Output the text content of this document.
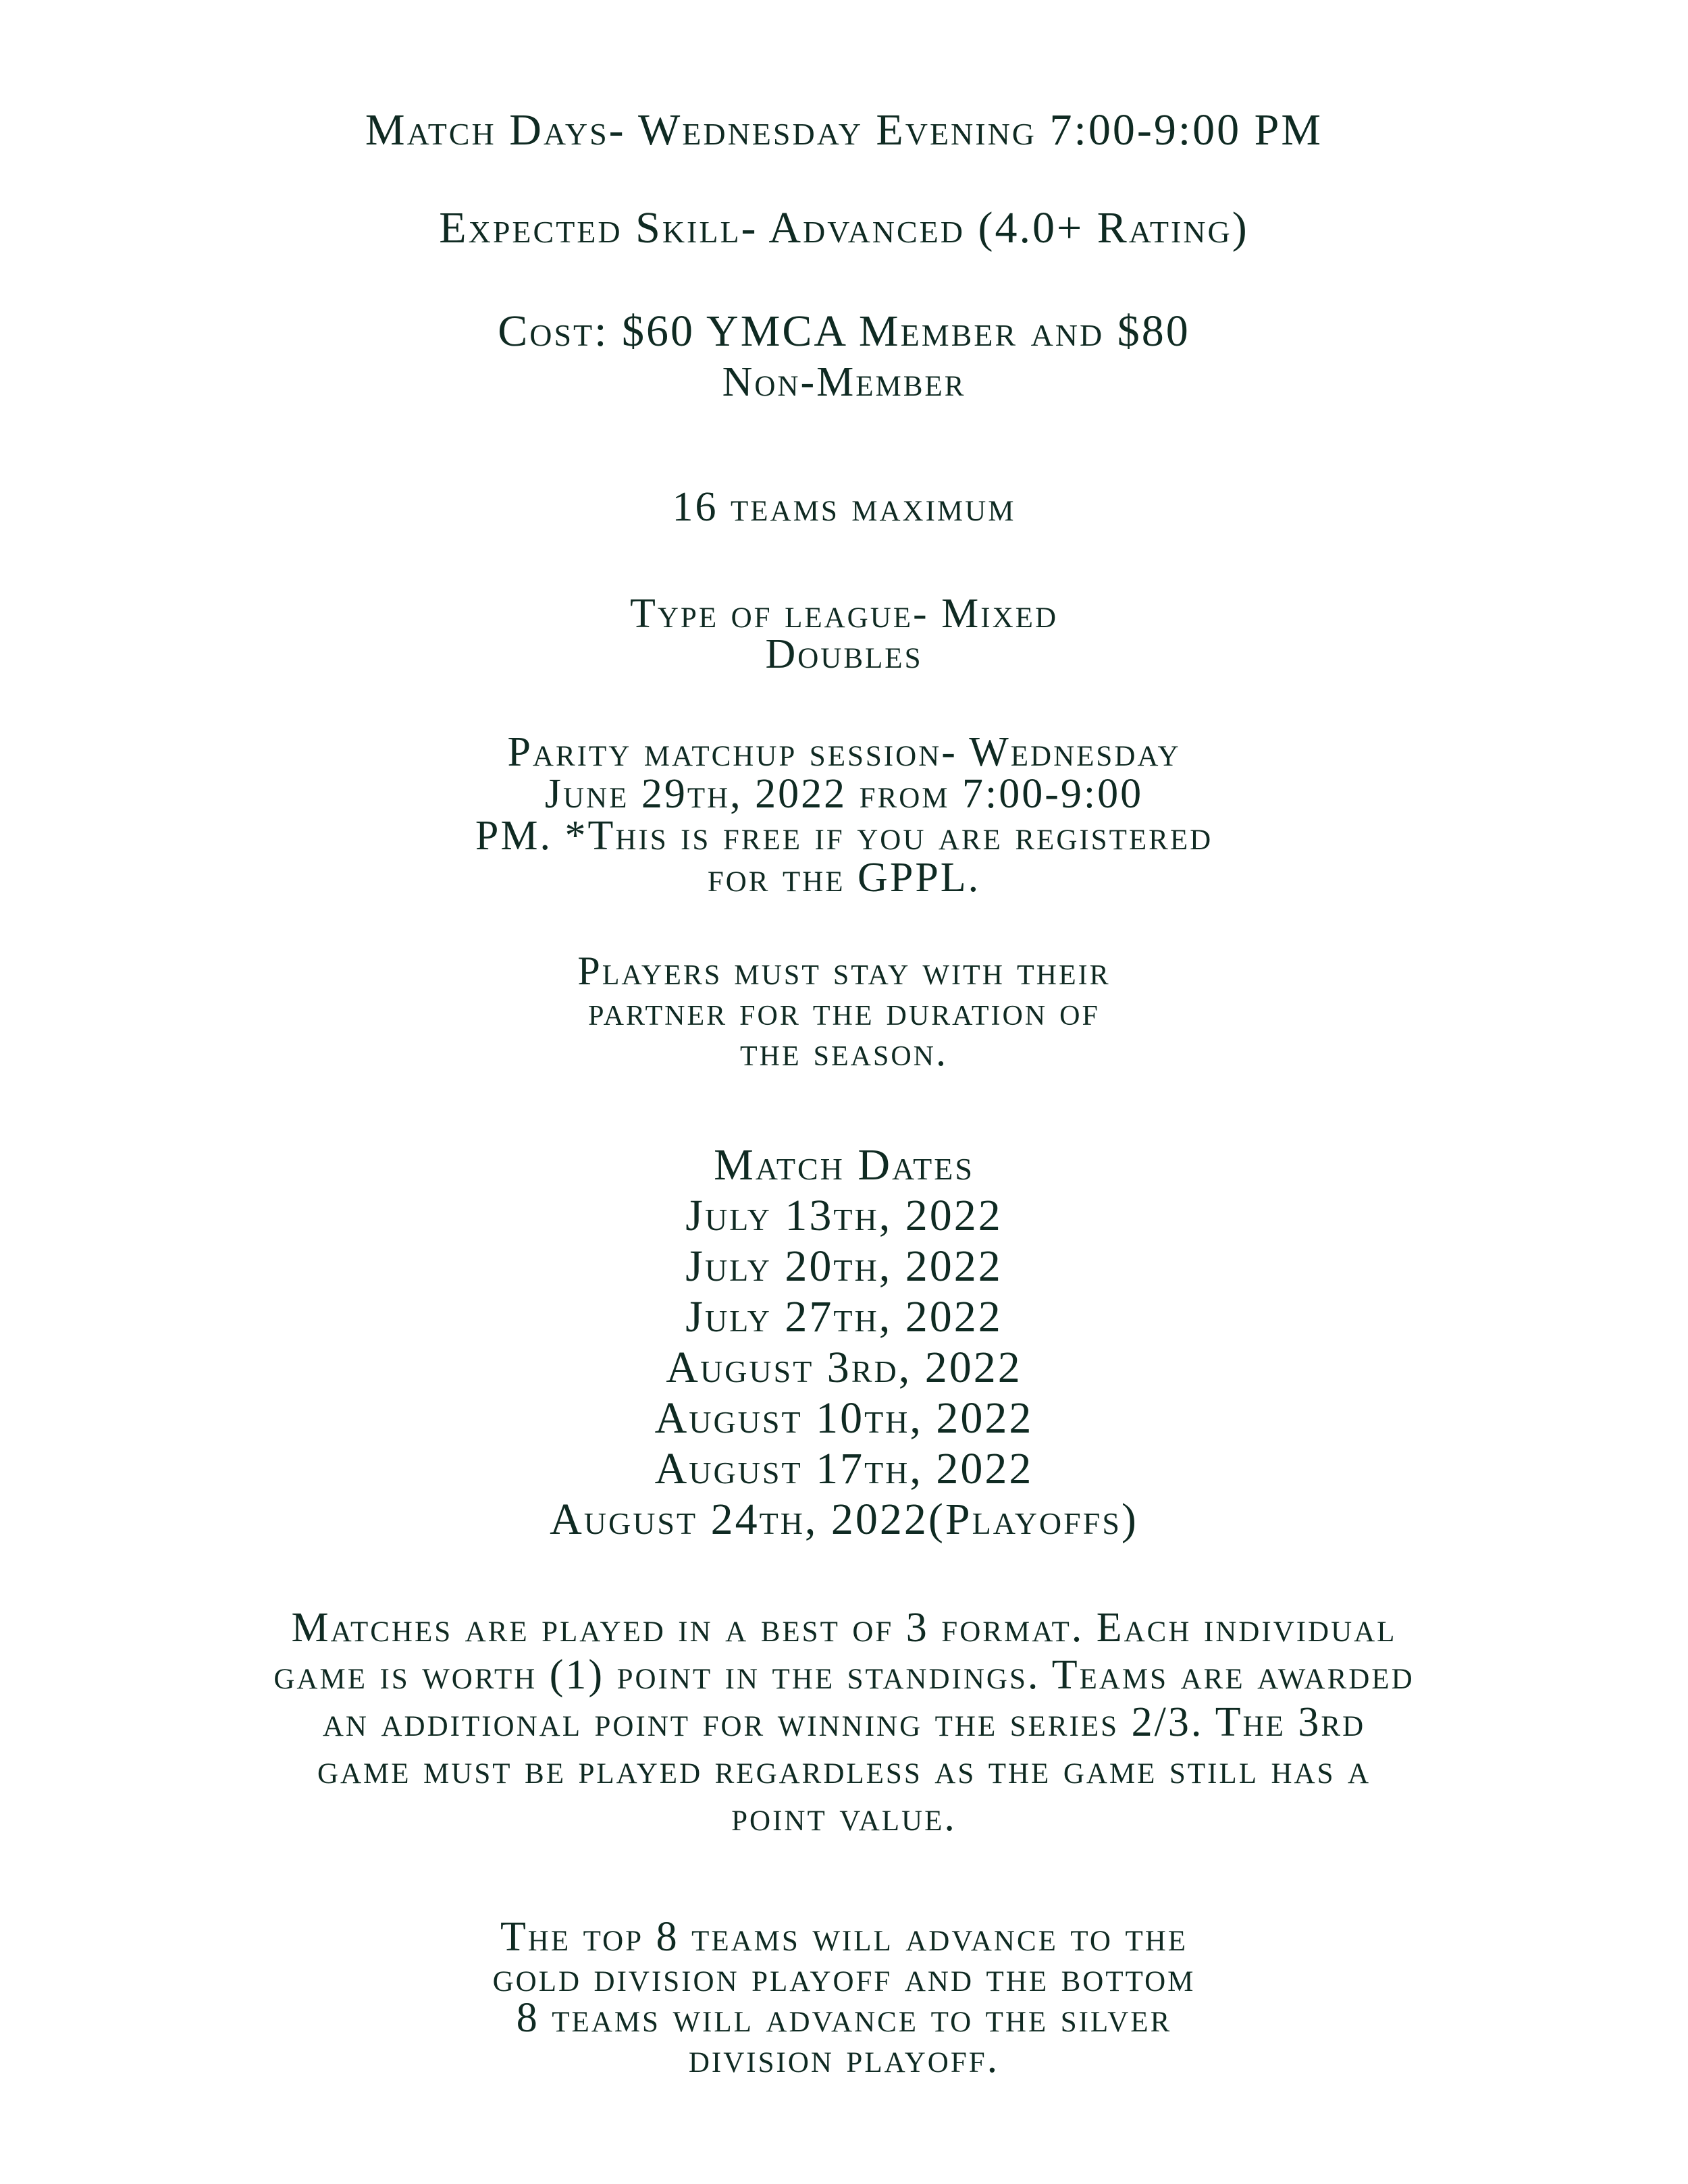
Match Days- Wednesday Evening 7:00-9:00 PM
Expected Skill- Advanced (4.0+ Rating)
Cost: $60 YMCA Member and $80
Non-Member
16 teams maximum
Type of league- Mixed
Doubles
Parity matchup session- Wednesday
June 29th, 2022 from 7:00-9:00
PM. *This is free if you are registered
for the GPPL.
Players must stay with their
partner for the duration of
the season.
Match Dates
July 13th, 2022
July 20th, 2022
July 27th, 2022
August 3rd, 2022
August 10th, 2022
August 17th, 2022
August 24th, 2022(Playoffs)
Matches are played in a best of 3 format. Each individual
game is worth (1) point in the standings. Teams are awarded
an additional point for winning the series 2/3. The 3rd
game must be played regardless as the game still has a
point value.
The top 8 teams will advance to the
gold division playoff and the bottom
8 teams will advance to the silver
division playoff.
